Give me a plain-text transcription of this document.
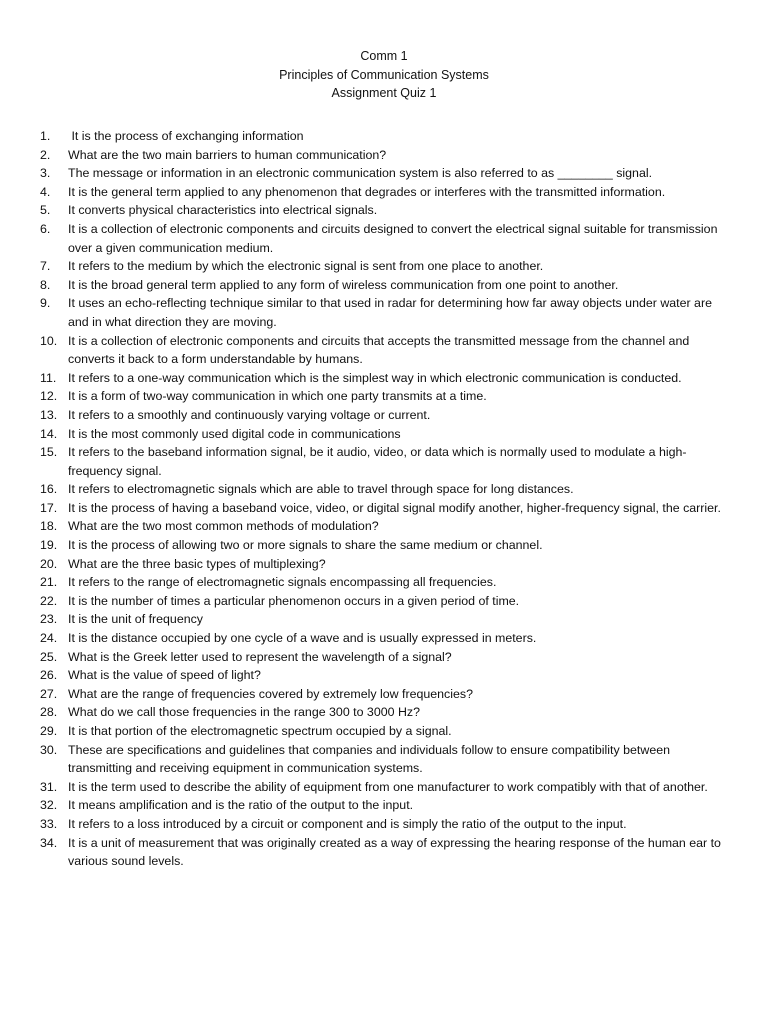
Comm 1
Principles of Communication Systems
Assignment Quiz 1
1.	It is the process of exchanging information
2.	What are the two main barriers to human communication?
3.	The message or information in an electronic communication system is also referred to as ________ signal.
4.	It is the general term applied to any phenomenon that degrades or interferes with the transmitted information.
5.	It converts physical characteristics into electrical signals.
6.	It is a collection of electronic components and circuits designed to convert the electrical signal suitable for transmission over a given communication medium.
7.	It refers to the medium by which the electronic signal is sent from one place to another.
8.	It is the broad general term applied to any form of wireless communication from one point to another.
9.	It uses an echo-reflecting technique similar to that used in radar for determining how far away objects under water are and in what direction they are moving.
10. It is a collection of electronic components and circuits that accepts the transmitted message from the channel and converts it back to a form understandable by humans.
11. It refers to a one-way communication which is the simplest way in which electronic communication is conducted.
12. It is a form of two-way communication in which one party transmits at a time.
13. It refers to a smoothly and continuously varying voltage or current.
14. It is the most commonly used digital code in communications
15. It refers to the baseband information signal, be it audio, video, or data which is normally used to modulate a high-frequency signal.
16. It refers to electromagnetic signals which are able to travel through space for long distances.
17. It is the process of having a baseband voice, video, or digital signal modify another, higher-frequency signal, the carrier.
18. What are the two most common methods of modulation?
19. It is the process of allowing two or more signals to share the same medium or channel.
20. What are the three basic types of multiplexing?
21. It refers to the range of electromagnetic signals encompassing all frequencies.
22. It is the number of times a particular phenomenon occurs in a given period of time.
23. It is the unit of frequency
24. It is the distance occupied by one cycle of a wave and is usually expressed in meters.
25. What is the Greek letter used to represent the wavelength of a signal?
26. What is the value of speed of light?
27. What are the range of frequencies covered by extremely low frequencies?
28. What do we call those frequencies in the range 300 to 3000 Hz?
29. It is that portion of the electromagnetic spectrum occupied by a signal.
30. These are specifications and guidelines that companies and individuals follow to ensure compatibility between transmitting and receiving equipment in communication systems.
31. It is the term used to describe the ability of equipment from one manufacturer to work compatibly with that of another.
32. It means amplification and is the ratio of the output to the input.
33. It refers to a loss introduced by a circuit or component and is simply the ratio of the output to the input.
34. It is a unit of measurement that was originally created as a way of expressing the hearing response of the human ear to various sound levels.
